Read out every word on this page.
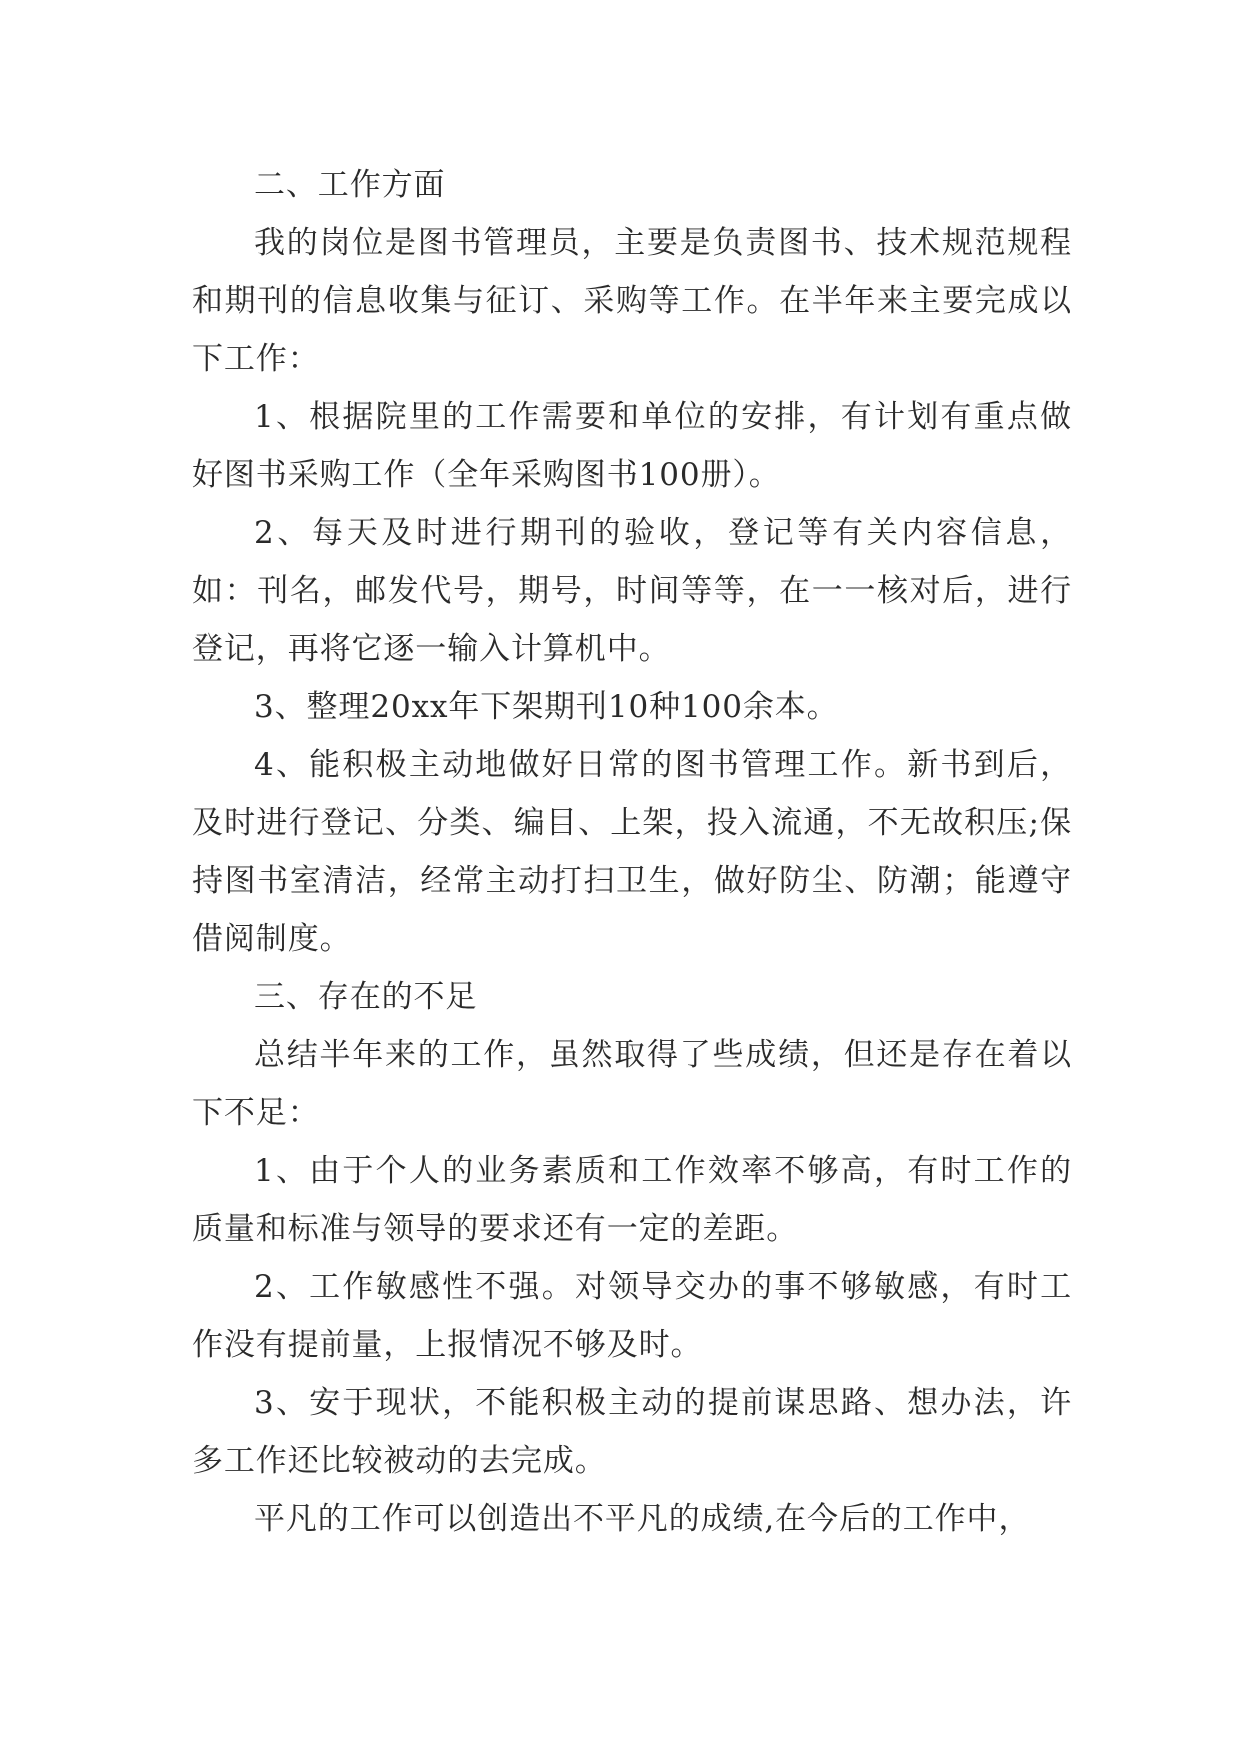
二、工作方面

我的岗位是图书管理员，主要是负责图书、技术规范规程和期刊的信息收集与征订、采购等工作。在半年来主要完成以下工作：

1、根据院里的工作需要和单位的安排，有计划有重点做好图书采购工作（全年采购图书100册）。

2、每天及时进行期刊的验收，登记等有关内容信息，如：刊名，邮发代号，期号，时间等等，在一一核对后，进行登记，再将它逐一输入计算机中。

3、整理20xx年下架期刊10种100余本。

4、能积极主动地做好日常的图书管理工作。新书到后，及时进行登记、分类、编目、上架，投入流通，不无故积压;保持图书室清洁，经常主动打扫卫生，做好防尘、防潮；能遵守借阅制度。

三、存在的不足

总结半年来的工作，虽然取得了些成绩，但还是存在着以下不足：

1、由于个人的业务素质和工作效率不够高，有时工作的质量和标准与领导的要求还有一定的差距。

2、工作敏感性不强。对领导交办的事不够敏感，有时工作没有提前量，上报情况不够及时。

3、安于现状，不能积极主动的提前谋思路、想办法，许多工作还比较被动的去完成。

平凡的工作可以创造出不平凡的成绩,在今后的工作中，
